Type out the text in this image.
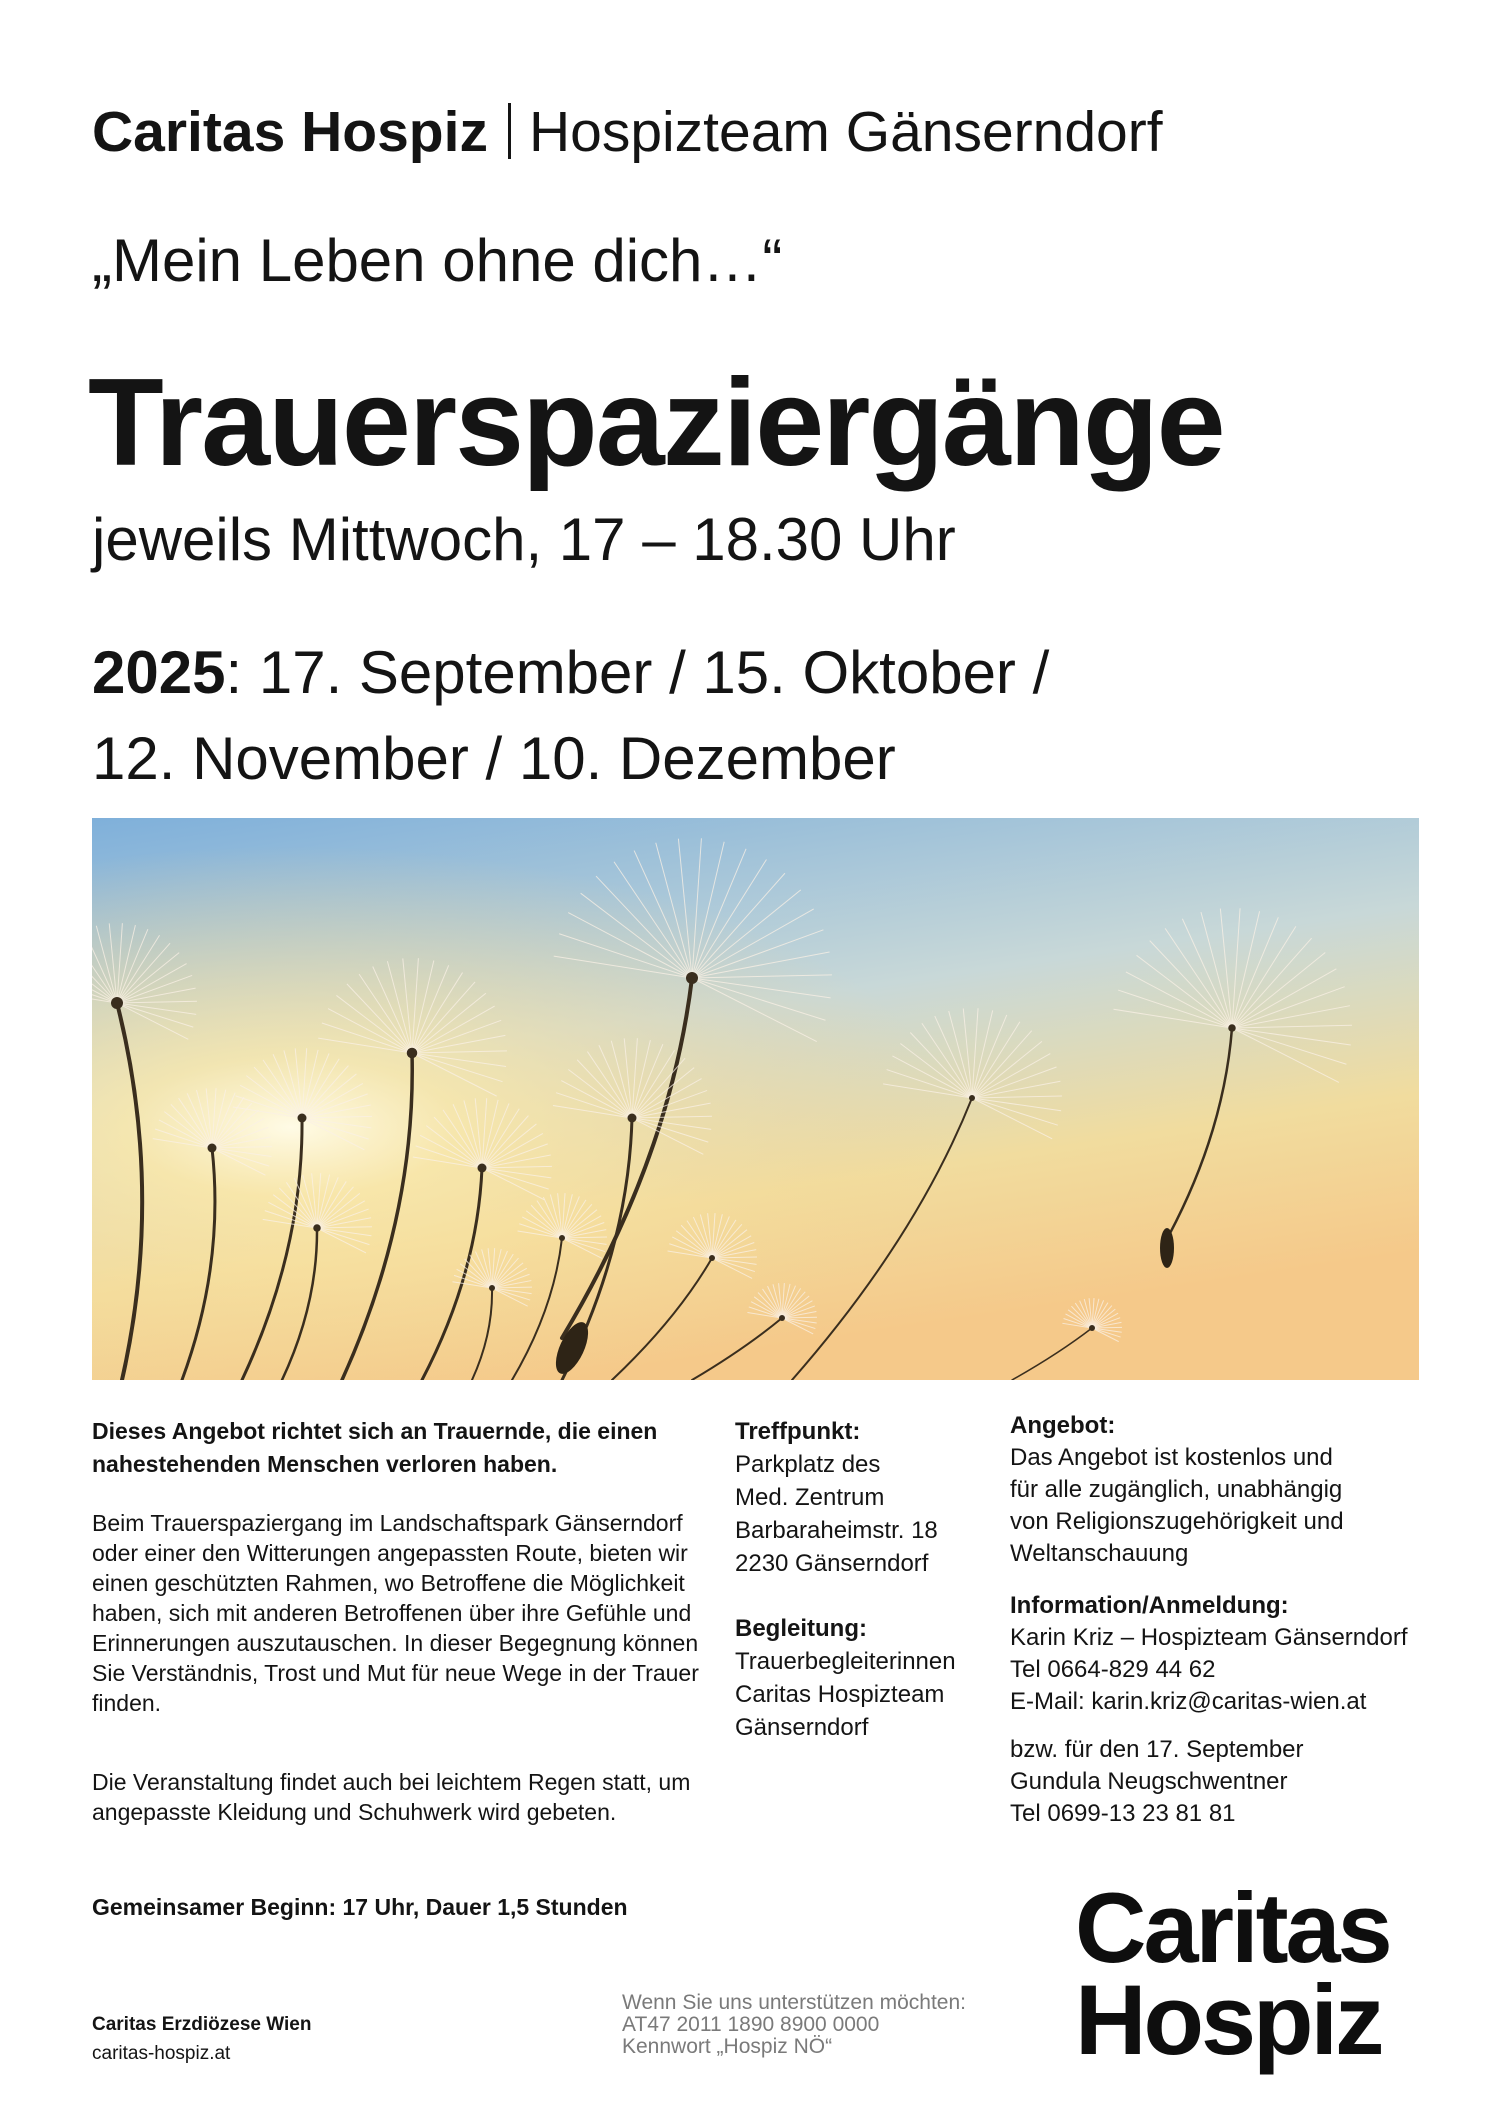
Caritas Hospiz Hospizteam Gänserndorf
„Mein Leben ohne dich…“
Trauerspaziergänge
jeweils Mittwoch, 17 – 18.30 Uhr
2025: 17. September / 15. Oktober /
12. November / 10. Dezember
Dieses Angebot richtet sich an Trauernde, die einen nahestehenden Menschen verloren haben.
Beim Trauerspaziergang im Landschaftspark Gänserndorf oder einer den Witterungen angepassten Route, bieten wir einen geschützten Rahmen, wo Betroffene die Möglichkeit haben, sich mit anderen Betroffenen über ihre Gefühle und Erinnerungen auszutauschen. In dieser Begegnung können Sie Verständnis, Trost und Mut für neue Wege in der Trauer finden.
Die Veranstaltung findet auch bei leichtem Regen statt, um angepasste Kleidung und Schuhwerk wird gebeten.
Treffpunkt:
Parkplatz des
Med. Zentrum
Barbaraheimstr. 18
2230 Gänserndorf
Begleitung:
Trauerbegleiterinnen
Caritas Hospizteam
Gänserndorf
Angebot:
Das Angebot ist kostenlos und
für alle zugänglich, unabhängig
von Religionszugehörigkeit und
Weltanschauung
Information/Anmeldung:
Karin Kriz – Hospizteam Gänserndorf
Tel 0664-829 44 62
E-Mail: karin.kriz@caritas-wien.at
bzw. für den 17. September
Gundula Neugschwentner
Tel 0699-13 23 81 81
Gemeinsamer Beginn: 17 Uhr, Dauer 1,5 Stunden
Caritas Erzdiözese Wien
caritas-hospiz.at
Wenn Sie uns unterstützen möchten:
AT47 2011 1890 8900 0000
Kennwort „Hospiz NÖ“
Caritas
Hospiz
